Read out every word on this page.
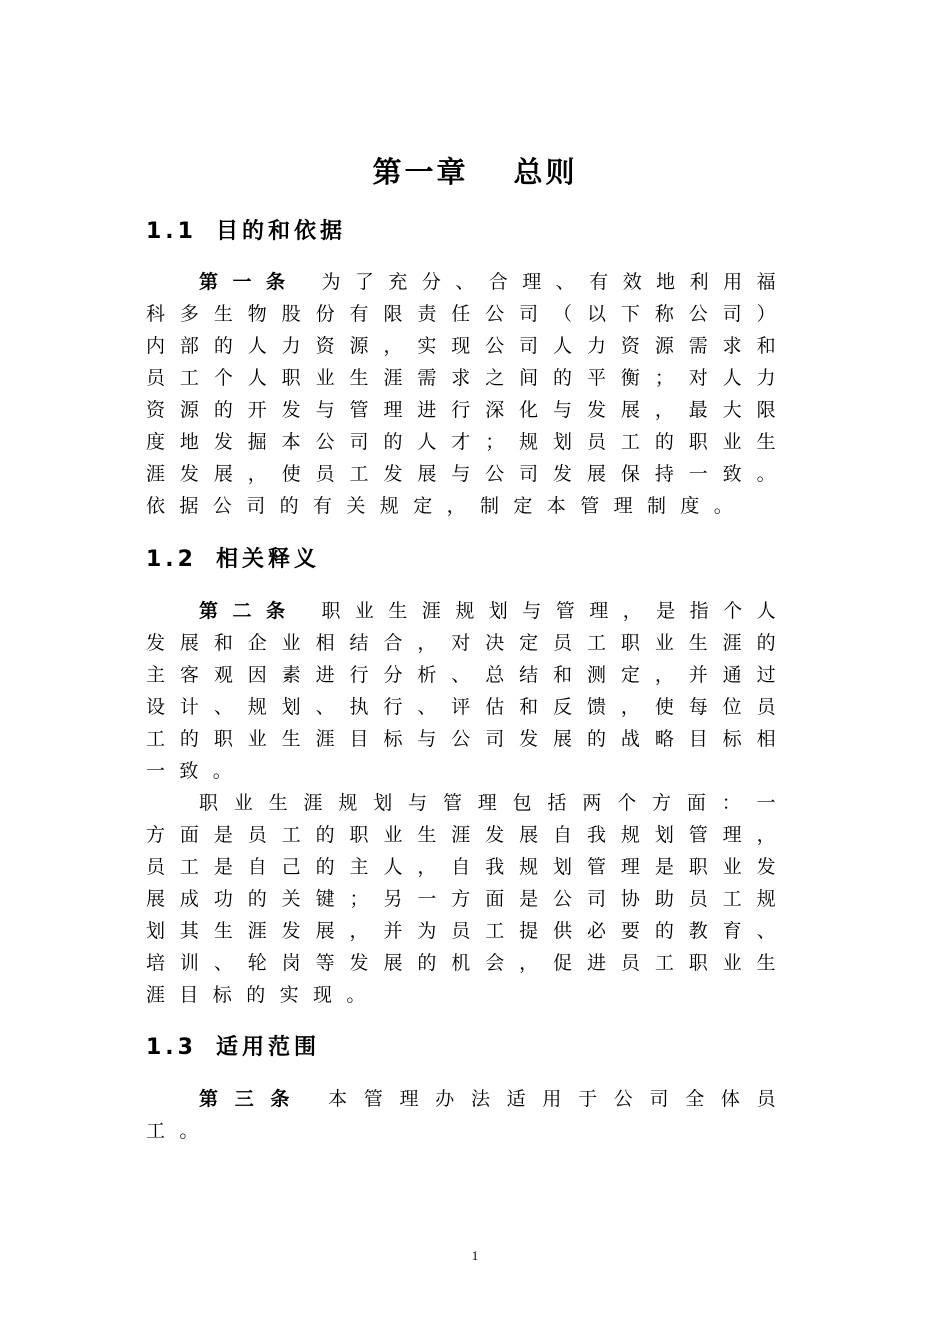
第一章　 总则
1.1 目的和依据

第一条 为了充分、合理、有效地利用福科多生物股份有限责任公司（以下称公司）内部的人力资源，实现公司人力资源需求和员工个人职业生涯需求之间的平衡；对人力资源的开发与管理进行深化与发展，最大限度地发掘本公司的人才；规划员工的职业生涯发展，使员工发展与公司发展保持一致。依据公司的有关规定，制定本管理制度。

1.2 相关释义

第二条 职业生涯规划与管理，是指个人发展和企业相结合，对决定员工职业生涯的主客观因素进行分析、总结和测定，并通过设计、规划、执行、评估和反馈，使每位员工的职业生涯目标与公司发展的战略目标相一致。

职业生涯规划与管理包括两个方面：一方面是员工的职业生涯发展自我规划管理，员工是自己的主人，自我规划管理是职业发展成功的关键；另一方面是公司协助员工规划其生涯发展，并为员工提供必要的教育、培训、轮岗等发展的机会，促进员工职业生涯目标的实现。

1.3 适用范围

第三条 本管理办法适用于公司全体员工。

1
